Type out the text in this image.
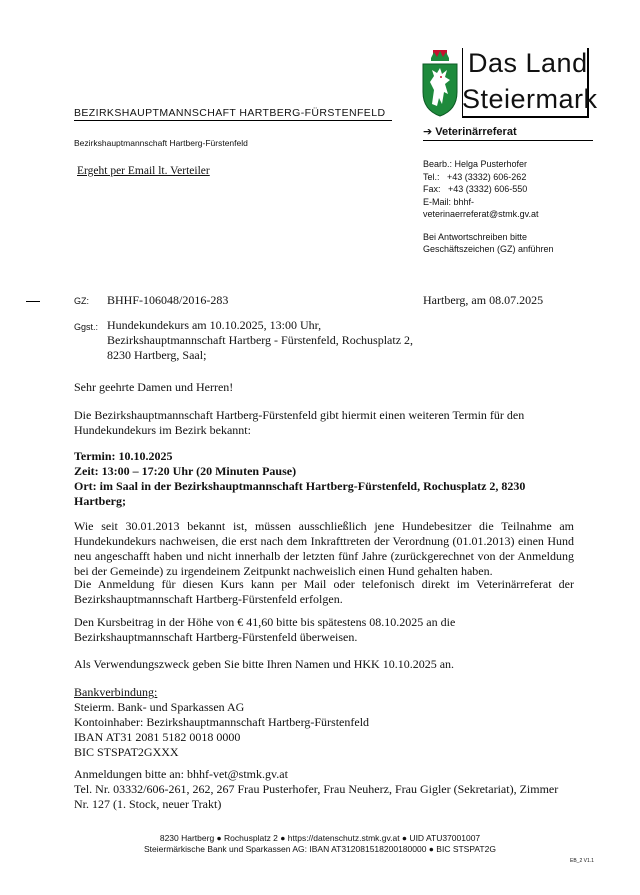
Das Land
Steiermark
BEZIRKSHAUPTMANNSCHAFT HARTBERG-FÜRSTENFELD
Bezirkshauptmannschaft Hartberg-Fürstenfeld
➔ Veterinärreferat
Ergeht per Email lt. Verteiler
Bearb.: Helga Pusterhofer
Tel.:   +43 (3332) 606-262
Fax:   +43 (3332) 606-550
E-Mail: bhhf-
veterinaerreferat@stmk.gv.at
Bei Antwortschreiben bitte
Geschäftszeichen (GZ) anführen
GZ: BHHF-106048/2016-283	Hartberg, am 08.07.2025
Ggst.: Hundekundekurs am 10.10.2025, 13:00 Uhr,
Bezirkshauptmannschaft Hartberg - Fürstenfeld, Rochusplatz 2,
8230 Hartberg, Saal;
Sehr geehrte Damen und Herren!
Die Bezirkshauptmannschaft Hartberg-Fürstenfeld gibt hiermit einen weiteren Termin für den Hundekundekurs im Bezirk bekannt:
Termin: 10.10.2025
Zeit: 13:00 – 17:20 Uhr (20 Minuten Pause)
Ort: im Saal in der Bezirkshauptmannschaft Hartberg-Fürstenfeld, Rochusplatz 2, 8230 Hartberg;
Wie seit 30.01.2013 bekannt ist, müssen ausschließlich jene Hundebesitzer die Teilnahme am Hundekundekurs nachweisen, die erst nach dem Inkrafttreten der Verordnung (01.01.2013) einen Hund neu angeschafft haben und nicht innerhalb der letzten fünf Jahre (zurückgerechnet von der Anmeldung bei der Gemeinde) zu irgendeinem Zeitpunkt nachweislich einen Hund gehalten haben.
Die Anmeldung für diesen Kurs kann per Mail oder telefonisch direkt im Veterinärreferat der Bezirkshauptmannschaft Hartberg-Fürstenfeld erfolgen.
Den Kursbeitrag in der Höhe von € 41,60 bitte bis spätestens 08.10.2025 an die Bezirkshauptmannschaft Hartberg-Fürstenfeld überweisen.
Als Verwendungszweck geben Sie bitte Ihren Namen und HKK 10.10.2025 an.
Bankverbindung:
Steierm. Bank- und Sparkassen AG
Kontoinhaber: Bezirkshauptmannschaft Hartberg-Fürstenfeld
IBAN AT31 2081 5182 0018 0000
BIC STSPAT2GXXX
Anmeldungen bitte an: bhhf-vet@stmk.gv.at
Tel. Nr. 03332/606-261, 262, 267 Frau Pusterhofer, Frau Neuherz, Frau Gigler (Sekretariat), Zimmer Nr. 127 (1. Stock, neuer Trakt)
8230 Hartberg ● Rochusplatz 2 ● https://datenschutz.stmk.gv.at ● UID ATU37001007
Steiermärkische Bank und Sparkassen AG: IBAN AT312081518200180000 ● BIC STSPAT2G
EB_2 V1.1
